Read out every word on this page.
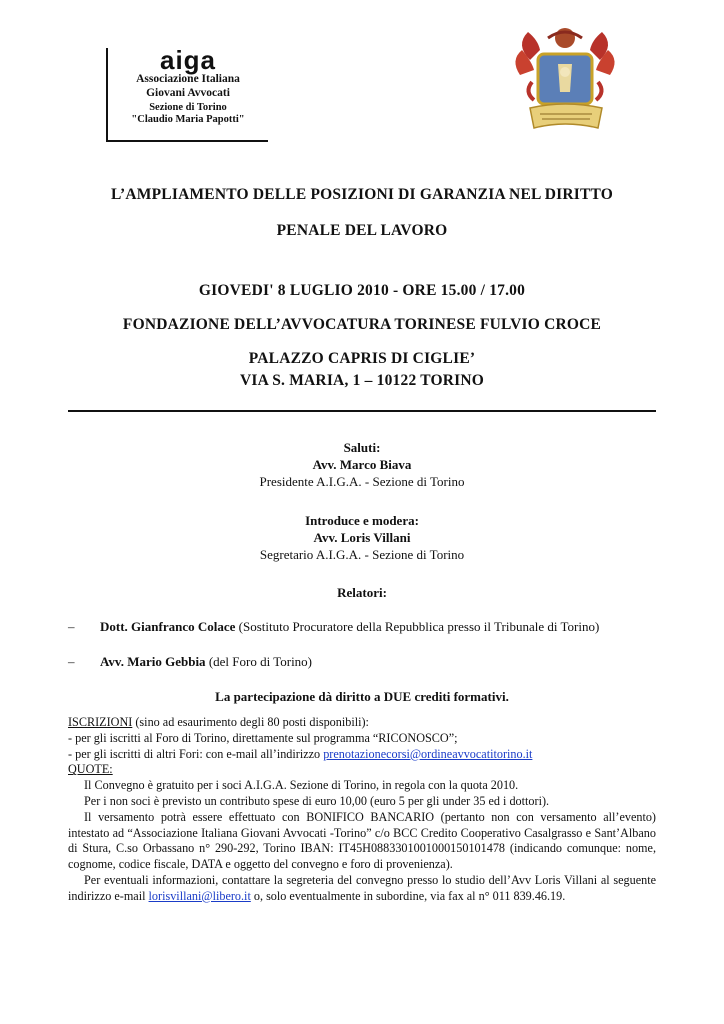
aiga
Associazione Italiana
Giovani Avvocati
Sezione di Torino
"Claudio Maria Papotti"
L’AMPLIAMENTO DELLE POSIZIONI DI GARANZIA NEL DIRITTO
PENALE DEL LAVORO
GIOVEDI' 8 LUGLIO 2010 - ORE 15.00 / 17.00
FONDAZIONE DELL’AVVOCATURA TORINESE FULVIO CROCE
PALAZZO CAPRIS DI CIGLIE’
VIA S. MARIA, 1 – 10122 TORINO
Saluti:
Avv. Marco Biava
Presidente A.I.G.A. - Sezione di Torino
Introduce e modera:
Avv. Loris Villani
Segretario A.I.G.A. - Sezione di Torino
Relatori:
– Dott. Gianfranco Colace (Sostituto Procuratore della Repubblica presso il Tribunale di Torino)
– Avv. Mario Gebbia (del Foro di Torino)
La partecipazione dà diritto a DUE crediti formativi.

ISCRIZIONI (sino ad esaurimento degli 80 posti disponibili):

- per gli iscritti al Foro di Torino, direttamente sul programma “RICONOSCO”;

- per gli iscritti di altri Fori: con e-mail all’indirizzo prenotazionecorsi@ordineavvocatitorino.it

QUOTE:

Il Convegno è gratuito per i soci A.I.G.A. Sezione di Torino, in regola con la quota 2010.

Per i non soci è previsto un contributo spese di euro 10,00 (euro 5 per gli under 35 ed i dottori).

Il versamento potrà essere effettuato con BONIFICO BANCARIO (pertanto non con versamento all’evento) intestato ad “Associazione Italiana Giovani Avvocati -Torino” c/o BCC Credito Cooperativo Casalgrasso e Sant’Albano di Stura, C.so Orbassano n° 290-292, Torino IBAN: IT45H0883301001000150101478 (indicando comunque: nome, cognome, codice fiscale, DATA e oggetto del convegno e foro di provenienza).

Per eventuali informazioni, contattare la segreteria del convegno presso lo studio dell’Avv Loris Villani al seguente indirizzo e-mail lorisvillani@libero.it o, solo eventualmente in subordine, via fax al n° 011 839.46.19.
